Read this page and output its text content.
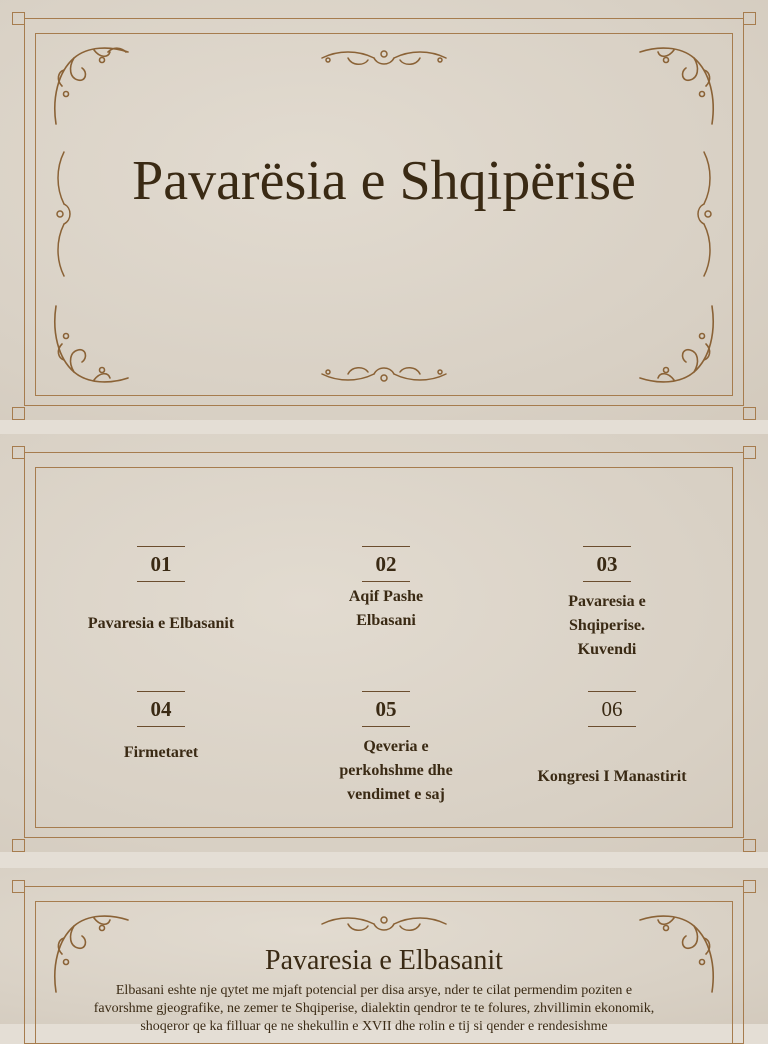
Pavarësia e Shqipërisë
01
Pavaresia e Elbasanit
02
Aqif Pashe Elbasani
03
Pavaresia e Shqiperise. Kuvendi
04
Firmetaret
05
Qeveria e perkohshme dhe vendimet e saj
06
Kongresi I Manastirit
Pavaresia e Elbasanit
Elbasani eshte nje qytet me mjaft potencial per disa arsye, nder te cilat permendim poziten e favorshme gjeografike, ne zemer te Shqiperise, dialektin qendror te te folures, zhvillimin ekonomik, shoqeror qe ka filluar qe ne shekullin e XVII dhe rolin e tij si qender e rendesishme
